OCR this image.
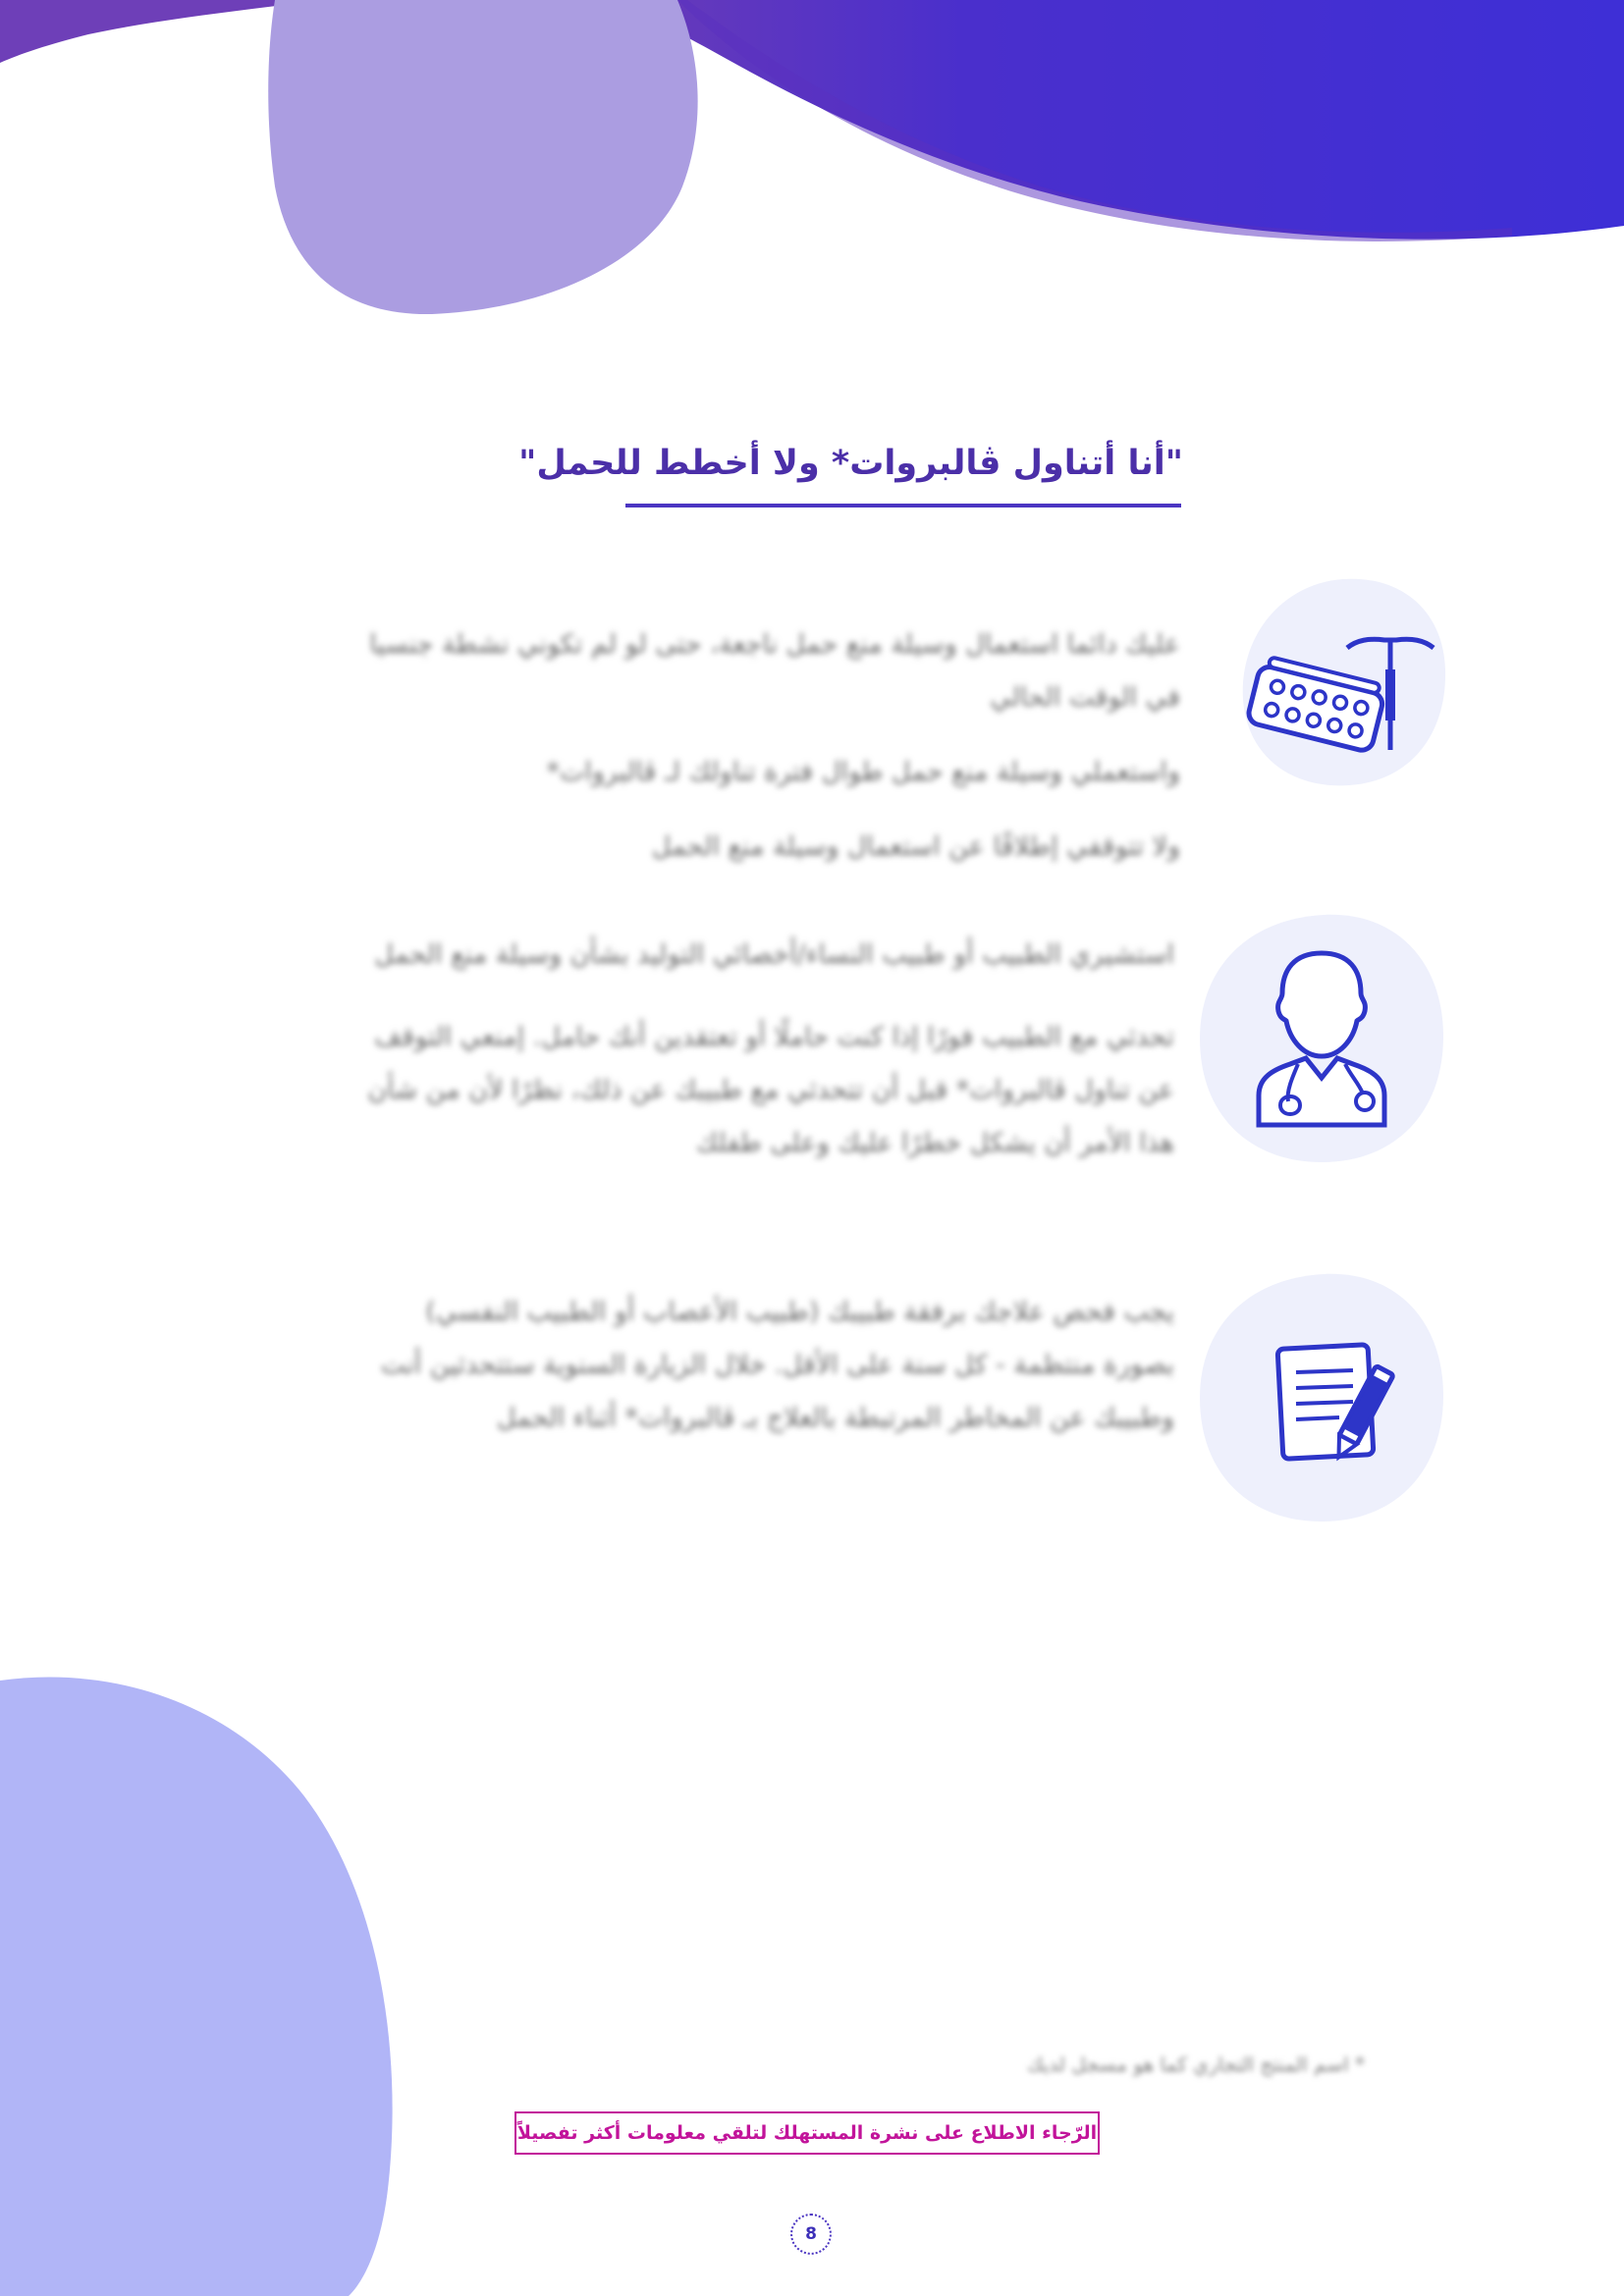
"أنا أتناول ڤالبروات* ولا أخطط للحمل"

عليك دائما استعمال وسيلة منع حمل ناجعة، حتى لو لم تكوني نشطة جنسيا في الوقت الحالي

واستعملي وسيلة منع حمل طوال فترة تناولك لـ ڤالبروات*

ولا تتوقفي إطلاقًا عن استعمال وسيلة منع الحمل

استشيري الطبيب أو طبيب النساء/أخصائي التوليد بشأن وسيلة منع الحمل

تحدثي مع الطبيب فورًا إذا كنت حاملًا أو تعتقدين أنك حامل. إمنعي التوقف عن تناول ڤالبروات* قبل أن تتحدثي مع طبيبك عن ذلك، نظرًا لأن من شأن هذا الأمر أن يشكل خطرًا عليك وعلى طفلك

يجب فحص علاجك برفقة طبيبك (طبيب الأعصاب أو الطبيب النفسي) بصورة منتظمة - كل سنة على الأقل. خلال الزيارة السنوية ستتحدثين أنت وطبيبك عن المخاطر المرتبطة بالعلاج بـ ڤالبروات* أثناء الحمل

* اسم المنتج التجاري كما هو مسجل لديك
الرّجاء الاطلاع على نشرة المستهلك لتلقي معلومات أكثر تفصيلاً
8
